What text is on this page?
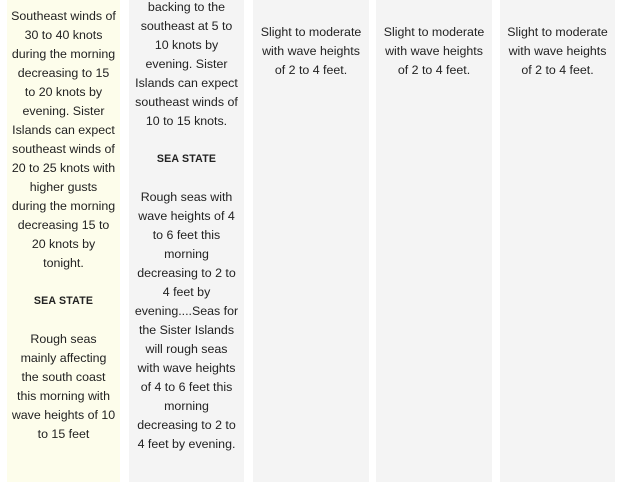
Southeast winds of 30 to 40 knots during the morning decreasing to 15 to 20 knots by evening. Sister Islands can expect southeast winds of 20 to 25 knots with higher gusts during the morning decreasing 15 to 20 knots by tonight.

SEA STATE

Rough seas mainly affecting the south coast this morning with wave heights of 10 to 15 feet

backing to the southeast at 5 to 10 knots by evening. Sister Islands can expect southeast winds of 10 to 15 knots.

SEA STATE

Rough seas with wave heights of 4 to 6 feet this morning decreasing to 2 to 4 feet by evening....Seas for the Sister Islands will rough seas with wave heights of 4 to 6 feet this morning decreasing to 2 to 4 feet by evening.

Slight to moderate with wave heights of 2 to 4 feet.

Slight to moderate with wave heights of 2 to 4 feet.

Slight to moderate with wave heights of 2 to 4 feet.
